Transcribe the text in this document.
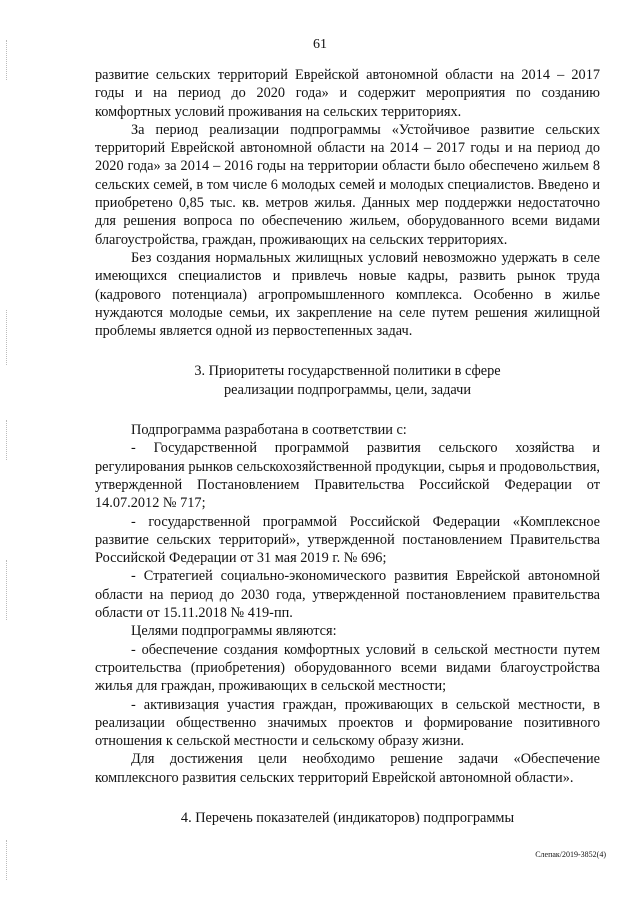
61

развитие сельских территорий Еврейской автономной области на 2014 – 2017 годы и на период до 2020 года» и содержит мероприятия по созданию комфортных условий проживания на сельских территориях.

За период реализации подпрограммы «Устойчивое развитие сельских территорий Еврейской автономной области на 2014 – 2017 годы и на период до 2020 года» за 2014 – 2016 годы на территории области было обеспечено жильем 8 сельских семей, в том числе 6 молодых семей и молодых специалистов. Введено и приобретено 0,85 тыс. кв. метров жилья. Данных мер поддержки недостаточно для решения вопроса по обеспечению жильем, оборудованного всеми видами благоустройства, граждан, проживающих на сельских территориях.

Без создания нормальных жилищных условий невозможно удержать в селе имеющихся специалистов и привлечь новые кадры, развить рынок труда (кадрового потенциала) агропромышленного комплекса. Особенно в жилье нуждаются молодые семьи, их закрепление на селе путем решения жилищной проблемы является одной из первостепенных задач.

3. Приоритеты государственной политики в сфере

реализации подпрограммы, цели, задачи

Подпрограмма разработана в соответствии с:

- Государственной программой развития сельского хозяйства и регулирования рынков сельскохозяйственной продукции, сырья и продовольствия, утвержденной Постановлением Правительства Российской Федерации от 14.07.2012 № 717;

- государственной программой Российской Федерации «Комплексное развитие сельских территорий», утвержденной постановлением Правительства Российской Федерации от 31 мая 2019 г. № 696;

- Стратегией социально-экономического развития Еврейской автономной области на период до 2030 года, утвержденной постановлением правительства области от 15.11.2018 № 419-пп.

Целями подпрограммы являются:

- обеспечение создания комфортных условий в сельской местности путем строительства (приобретения) оборудованного всеми видами благоустройства жилья для граждан, проживающих в сельской местности;

- активизация участия граждан, проживающих в сельской местности, в реализации общественно значимых проектов и формирование позитивного отношения к сельской местности и сельскому образу жизни.

Для достижения цели необходимо решение задачи «Обеспечение комплексного развития сельских территорий Еврейской автономной области».

4. Перечень показателей (индикаторов) подпрограммы

Слепак/2019-3852(4)
